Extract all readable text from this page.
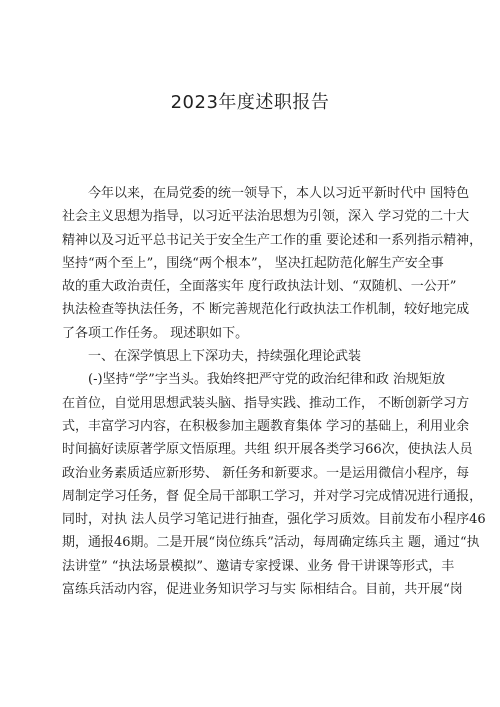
2023年度述职报告
今年以来，在局党委的统一领导下，本人以习近平新时代中 国特色
社会主义思想为指导，以习近平法治思想为引领，深入 学习党的二十大
精神以及习近平总书记关于安全生产工作的重 要论述和一系列指示精神，
坚持“两个至上”，围绕“两个根本”， 坚决扛起防范化解生产安全事
故的重大政治责任，全面落实年 度行政执法计划、“双随机、一公开”
执法检查等执法任务，不 断完善规范化行政执法工作机制，较好地完成
了各项工作任务。 现述职如下。
一、在深学慎思上下深功夫，持续强化理论武装
(-)坚持“学”字当头。我始终把严守党的政治纪律和政 治规矩放
在首位，自觉用思想武装头脑、指导实践、推动工作， 不断创新学习方
式，丰富学习内容，在积极参加主题教育集体 学习的基础上，利用业余
时间搞好读原著学原文悟原理。共组 织开展各类学习66次，使执法人员
政治业务素质适应新形势、 新任务和新要求。一是运用微信小程序，每
周制定学习任务，督 促全局干部职工学习，并对学习完成情况进行通报，
同时，对执 法人员学习笔记进行抽查，强化学习质效。目前发布小程序46
期，通报46期。二是开展“岗位练兵”活动，每周确定练兵主 题，通过“执
法讲堂” “执法场景模拟”、邀请专家授课、业务 骨干讲课等形式，丰
富练兵活动内容，促进业务知识学习与实 际相结合。目前，共开展“岗
